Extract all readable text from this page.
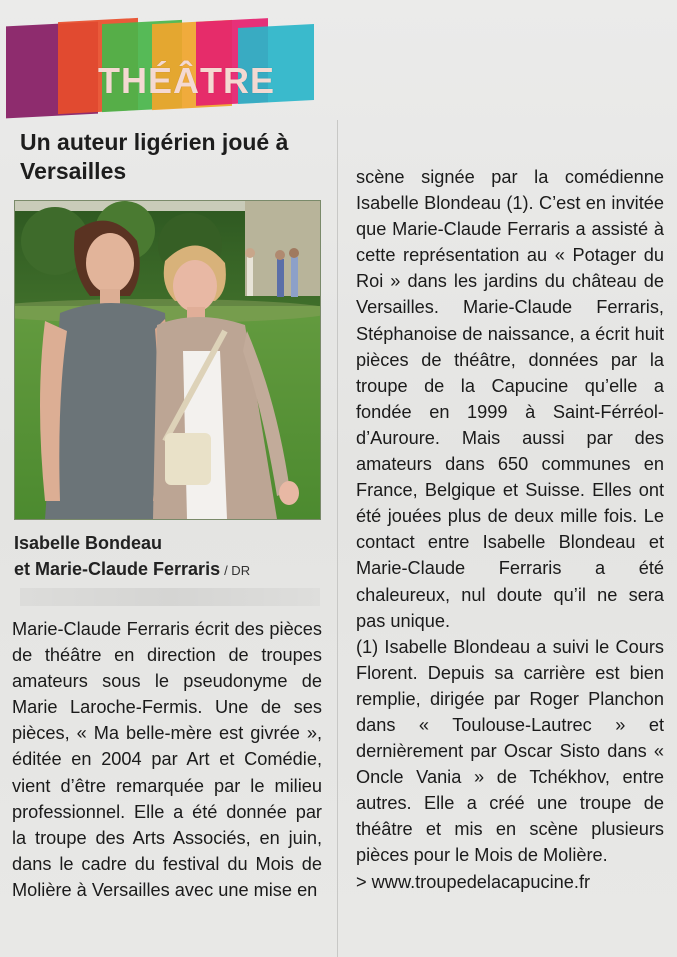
THÉÂTRE
Un auteur ligérien joué à Versailles
Isabelle Bondeau
et Marie-Claude Ferraris / DR

Marie-Claude Ferraris écrit des pièces de théâtre en direction de troupes amateurs sous le pseudonyme de Marie Laroche-Fermis. Une de ses pièces, « Ma belle-mère est givrée », éditée en 2004 par Art et Comédie, vient d’être remarquée par le milieu professionnel. Elle a été donnée par la troupe des Arts Associés, en juin, dans le cadre du festival du Mois de Molière à Versailles avec une mise en

scène signée par la comédienne Isabelle Blondeau (1). C’est en invitée que Marie-Claude Ferraris a assisté à cette représentation au « Potager du Roi » dans les jardins du château de Versailles. Marie-Claude Ferraris, Stéphanoise de naissance, a écrit huit pièces de théâtre, données par la troupe de la Capucine qu’elle a fondée en 1999 à Saint-Férréol-d’Auroure. Mais aussi par des amateurs dans 650 communes en France, Belgique et Suisse. Elles ont été jouées plus de deux mille fois. Le contact entre Isabelle Blondeau et Marie-Claude Ferraris a été chaleureux, nul doute qu’il ne sera pas unique.

(1) Isabelle Blondeau a suivi le Cours Florent. Depuis sa carrière est bien remplie, dirigée par Roger Planchon dans « Toulouse-Lautrec » et dernièrement par Oscar Sisto dans « Oncle Vania » de Tchékhov, entre autres. Elle a créé une troupe de théâtre et mis en scène plusieurs pièces pour le Mois de Molière.

> www.troupedelacapucine.fr
